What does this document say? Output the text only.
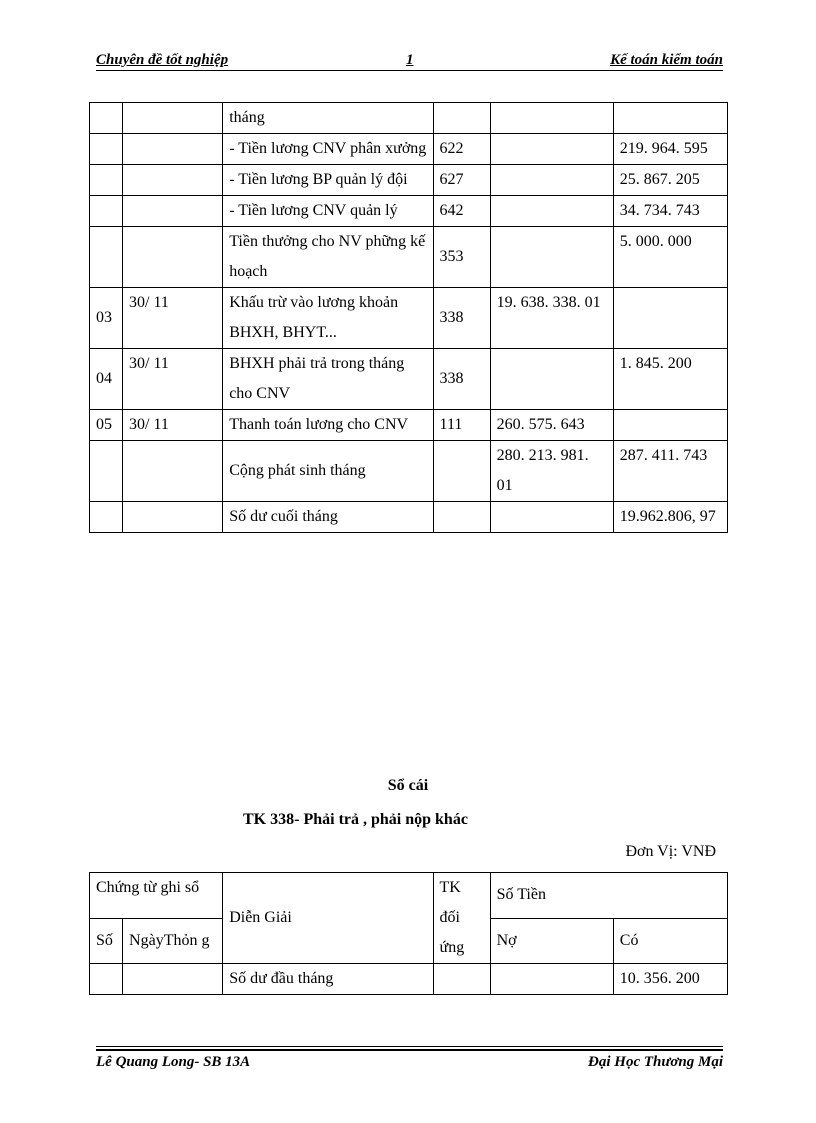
Chuyên đề tốt nghiệp	1	Kế toán kiểm toán
		tháng			
		- Tiền lương CNV phân xưởng	622		219. 964. 595
		- Tiền lương BP quản lý đội	627		25. 867. 205
		- Tiền lương CNV quản lý	642		34. 734. 743
		Tiền thưởng cho NV phững kế hoạch	353		5. 000. 000
03	30/ 11	Khấu trừ vào lương khoản BHXH, BHYT...	338	19. 638. 338. 01	
04	30/ 11	BHXH phải trả trong tháng cho CNV	338		1. 845. 200
05	30/ 11	Thanh toán lương cho CNV	111	260. 575. 643	
		Cộng phát sinh tháng		280. 213. 981. 01	287. 411. 743
		Số dư cuối tháng			19.962.806, 97
Sổ cái
TK 338- Phải trả , phải nộp khác
Đơn Vị: VNĐ
Chứng từ ghi sổ		Diễn Giải	TK đối ứng	Số Tiền	
Số	NgàyThỏn g			Nợ	Có
		Số dư đầu tháng			10. 356. 200
Lê Quang Long- SB 13A	Đại Học Thương Mại
